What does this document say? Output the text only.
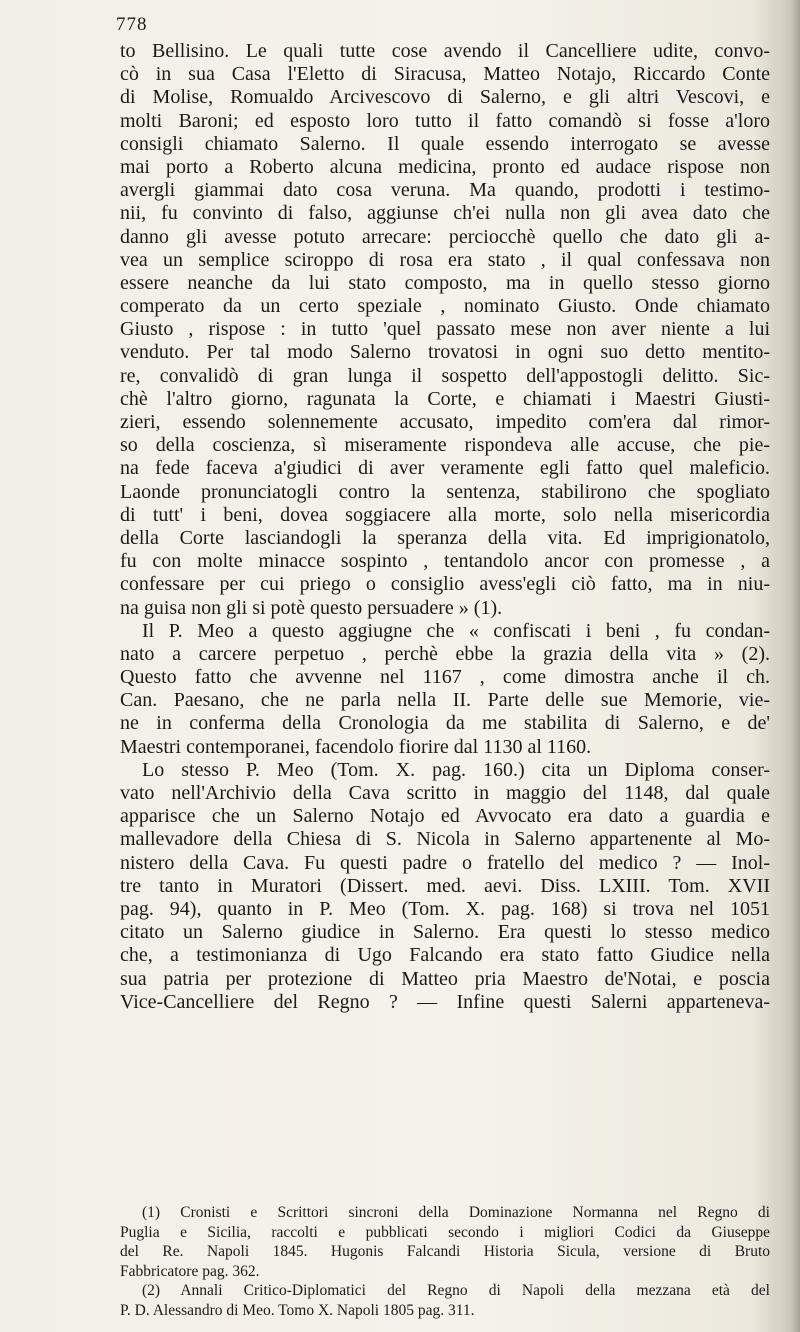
778
to Bellisino. Le quali tutte cose avendo il Cancelliere udite, convo-
cò in sua Casa l'Eletto di Siracusa, Matteo Notajo, Riccardo Conte
di Molise, Romualdo Arcivescovo di Salerno, e gli altri Vescovi, e
molti Baroni; ed esposto loro tutto il fatto comandò si fosse a'loro
consigli chiamato Salerno. Il quale essendo interrogato se avesse
mai porto a Roberto alcuna medicina, pronto ed audace rispose non
avergli giammai dato cosa veruna. Ma quando, prodotti i testimo-
nii, fu convinto di falso, aggiunse ch'ei nulla non gli avea dato che
danno gli avesse potuto arrecare: perciocchè quello che dato gli a-
vea un semplice sciroppo di rosa era stato , il qual confessava non
essere neanche da lui stato composto, ma in quello stesso giorno
comperato da un certo speziale , nominato Giusto. Onde chiamato
Giusto , rispose : in tutto 'quel passato mese non aver niente a lui
venduto. Per tal modo Salerno trovatosi in ogni suo detto mentito-
re, convalidò di gran lunga il sospetto dell'appostogli delitto. Sic-
chè l'altro giorno, ragunata la Corte, e chiamati i Maestri Giusti-
zieri, essendo solennemente accusato, impedito com'era dal rimor-
so della coscienza, sì miseramente rispondeva alle accuse, che pie-
na fede faceva a'giudici di aver veramente egli fatto quel maleficio.
Laonde pronunciatogli contro la sentenza, stabilirono che spogliato
di tutt' i beni, dovea soggiacere alla morte, solo nella misericordia
della Corte lasciandogli la speranza della vita. Ed imprigionatolo,
fu con molte minacce sospinto , tentandolo ancor con promesse , a
confessare per cui priego o consiglio avess'egli ciò fatto, ma in niu-
na guisa non gli si potè questo persuadere » (1).
Il P. Meo a questo aggiugne che « confiscati i beni , fu condan-
nato a carcere perpetuo , perchè ebbe la grazia della vita » (2).
Questo fatto che avvenne nel 1167 , come dimostra anche il ch.
Can. Paesano, che ne parla nella II. Parte delle sue Memorie, vie-
ne in conferma della Cronologia da me stabilita di Salerno, e de'
Maestri contemporanei, facendolo fiorire dal 1130 al 1160.
Lo stesso P. Meo (Tom. X. pag. 160.) cita un Diploma conser-
vato nell'Archivio della Cava scritto in maggio del 1148, dal quale
apparisce che un Salerno Notajo ed Avvocato era dato a guardia e
mallevadore della Chiesa di S. Nicola in Salerno appartenente al Mo-
nistero della Cava. Fu questi padre o fratello del medico ? — Inol-
tre tanto in Muratori (Dissert. med. aevi. Diss. LXIII. Tom. XVII
pag. 94), quanto in P. Meo (Tom. X. pag. 168) si trova nel 1051
citato un Salerno giudice in Salerno. Era questi lo stesso medico
che, a testimonianza di Ugo Falcando era stato fatto Giudice nella
sua patria per protezione di Matteo pria Maestro de'Notai, e poscia
Vice-Cancelliere del Regno ? — Infine questi Salerni appartenevа-
(1) Cronisti e Scrittori sincroni della Dominazione Normanna nel Regno di
Puglia e Sicilia, raccolti e pubblicati secondo i migliori Codici da Giuseppe
del Re. Napoli 1845. Hugonis Falcandi Historia Sicula, versione di Bruto
Fabbricatore pag. 362.
(2) Annali Critico-Diplomatici del Regno di Napoli della mezzana età del
P. D. Alessandro di Meo. Tomo X. Napoli 1805 pag. 311.
